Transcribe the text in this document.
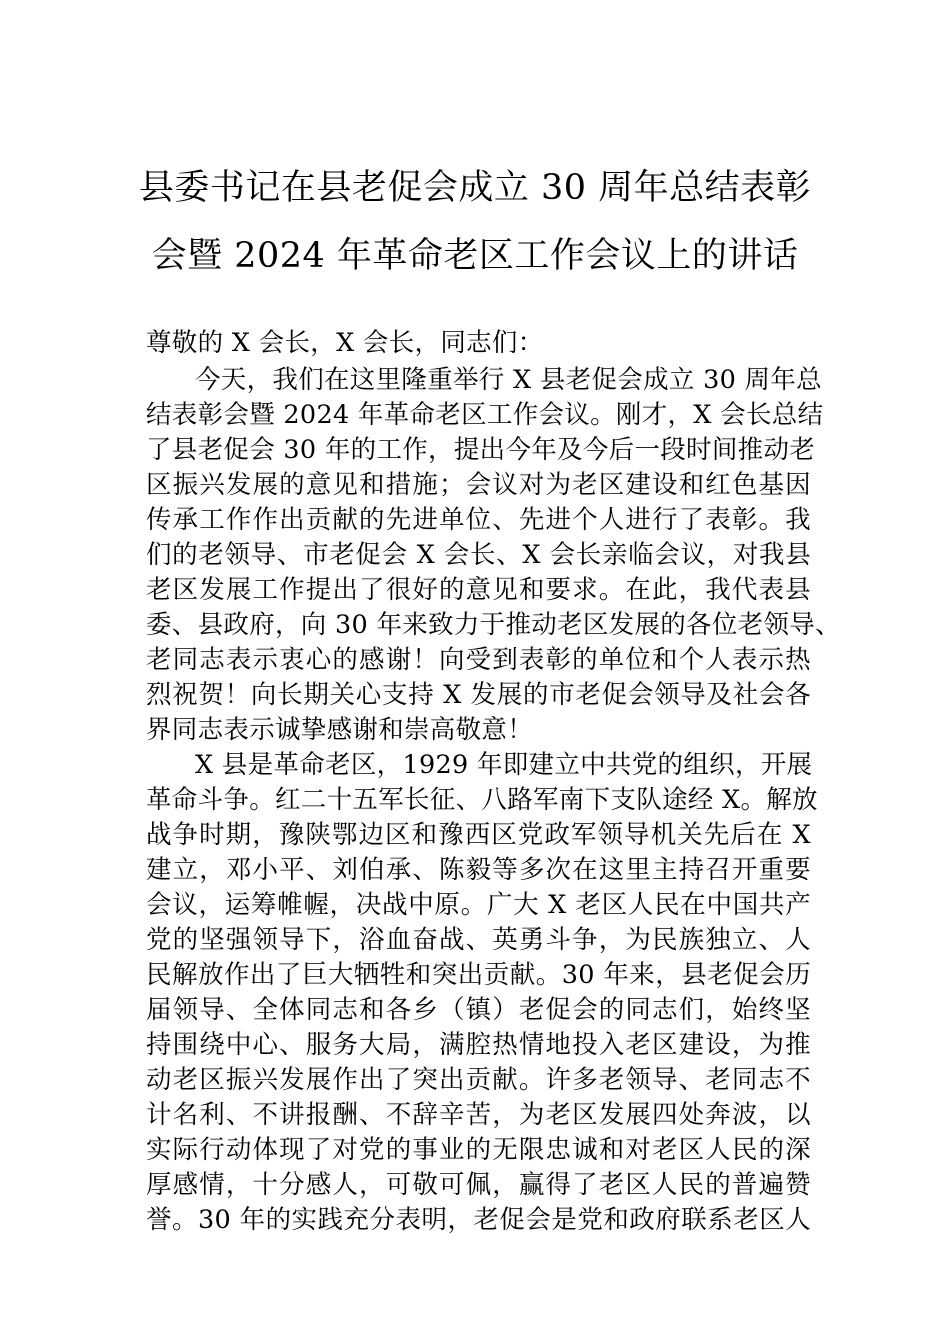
县委书记在县老促会成立 30 周年总结表彰
会暨 2024 年革命老区工作会议上的讲话
尊敬的 X 会长，X 会长，同志们：
今天，我们在这里隆重举行 X 县老促会成立 30 周年总
结表彰会暨 2024 年革命老区工作会议。刚才，X 会长总结
了县老促会 30 年的工作，提出今年及今后一段时间推动老
区振兴发展的意见和措施；会议对为老区建设和红色基因
传承工作作出贡献的先进单位、先进个人进行了表彰。我
们的老领导、市老促会 X 会长、X 会长亲临会议，对我县
老区发展工作提出了很好的意见和要求。在此，我代表县
委、县政府，向 30 年来致力于推动老区发展的各位老领导、
老同志表示衷心的感谢！向受到表彰的单位和个人表示热
烈祝贺！向长期关心支持 X 发展的市老促会领导及社会各
界同志表示诚挚感谢和崇高敬意！
X 县是革命老区，1929 年即建立中共党的组织，开展
革命斗争。红二十五军长征、八路军南下支队途经 X。解放
战争时期，豫陕鄂边区和豫西区党政军领导机关先后在 X
建立，邓小平、刘伯承、陈毅等多次在这里主持召开重要
会议，运筹帷幄，决战中原。广大 X 老区人民在中国共产
党的坚强领导下，浴血奋战、英勇斗争，为民族独立、人
民解放作出了巨大牺牲和突出贡献。30 年来，县老促会历
届领导、全体同志和各乡（镇）老促会的同志们，始终坚
持围绕中心、服务大局，满腔热情地投入老区建设，为推
动老区振兴发展作出了突出贡献。许多老领导、老同志不
计名利、不讲报酬、不辞辛苦，为老区发展四处奔波，以
实际行动体现了对党的事业的无限忠诚和对老区人民的深
厚感情，十分感人，可敬可佩，赢得了老区人民的普遍赞
誉。30 年的实践充分表明，老促会是党和政府联系老区人
